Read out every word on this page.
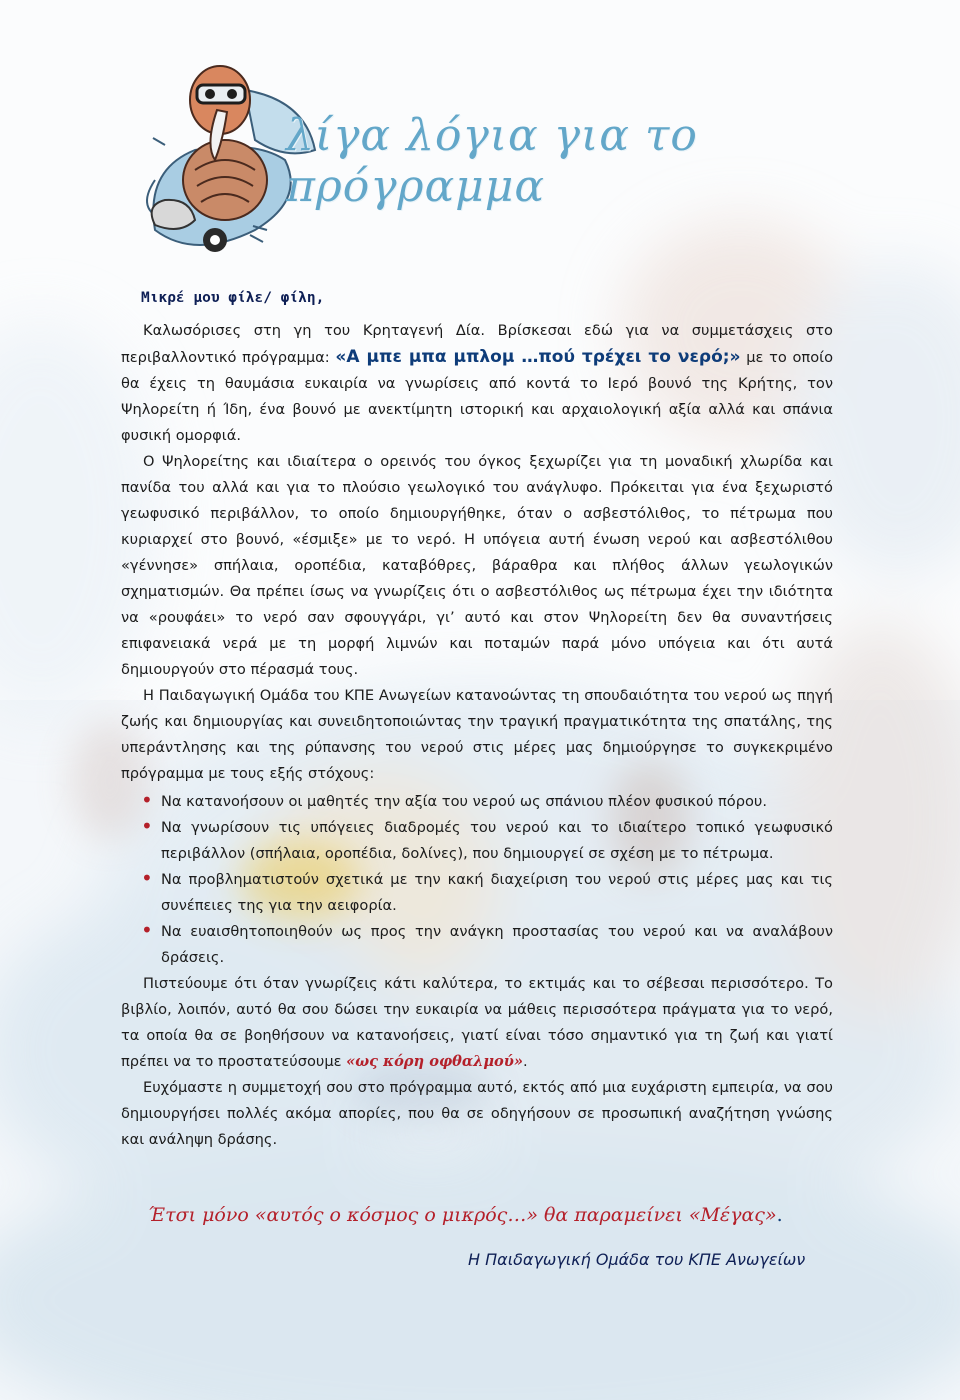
λίγα λόγια για το πρόγραμμα
Μικρέ μου φίλε/ φίλη,

Καλωσόρισες στη γη του Κρηταγενή Δία. Βρίσκεσαι εδώ για να συμμετάσχεις στο περιβαλλοντικό πρόγραμμα: «Α μπε μπα μπλομ …πού τρέχει το νερό;» με το οποίο θα έχεις τη θαυμάσια ευκαιρία να γνωρίσεις από κοντά το Ιερό βουνό της Κρήτης, τον Ψηλορείτη ή Ίδη, ένα βουνό με ανεκτίμητη ιστορική και αρχαιολογική αξία αλλά και σπάνια φυσική ομορφιά.

Ο Ψηλορείτης και ιδιαίτερα ο ορεινός του όγκος ξεχωρίζει για τη μοναδική χλωρίδα και πανίδα του αλλά και για το πλούσιο γεωλογικό του ανάγλυφο. Πρόκειται για ένα ξεχωριστό γεωφυσικό περιβάλλον, το οποίο δημιουργήθηκε, όταν ο ασβεστόλιθος, το πέτρωμα που κυριαρχεί στο βουνό, «έσμιξε» με το νερό. Η υπόγεια αυτή ένωση νερού και ασβεστόλιθου «γέννησε» σπήλαια, οροπέδια, καταβόθρες, βάραθρα και πλήθος άλλων γεωλογικών σχηματισμών. Θα πρέπει ίσως να γνωρίζεις ότι ο ασβεστόλιθος ως πέτρωμα έχει την ιδιότητα να «ρουφάει» το νερό σαν σφουγγάρι, γι’ αυτό και στον Ψηλορείτη δεν θα συναντήσεις επιφανειακά νερά με τη μορφή λιμνών και ποταμών παρά μόνο υπόγεια και ότι αυτά δημιουργούν στο πέρασμά τους.

Η Παιδαγωγική Ομάδα του ΚΠΕ Ανωγείων κατανοώντας τη σπουδαιότητα του νερού ως πηγή ζωής και δημιουργίας και συνειδητοποιώντας την τραγική πραγματικότητα της σπατάλης, της υπεράντλησης και της ρύπανσης του νερού στις μέρες μας δημιούργησε το συγκεκριμένο πρόγραμμα με τους εξής στόχους:

• Να κατανοήσουν οι μαθητές την αξία του νερού ως σπάνιου πλέον φυσικού πόρου.
• Να γνωρίσουν τις υπόγειες διαδρομές του νερού και το ιδιαίτερο τοπικό γεωφυσικό περιβάλλον (σπήλαια, οροπέδια, δολίνες), που δημιουργεί σε σχέση με το πέτρωμα.
• Να προβληματιστούν σχετικά με την κακή διαχείριση του νερού στις μέρες μας και τις συνέπειες της για την αειφορία.
• Να ευαισθητοποιηθούν ως προς την ανάγκη προστασίας του νερού και να αναλάβουν δράσεις.

Πιστεύουμε ότι όταν γνωρίζεις κάτι καλύτερα, το εκτιμάς και το σέβεσαι περισσότερο. Το βιβλίο, λοιπόν, αυτό θα σου δώσει την ευκαιρία να μάθεις περισσότερα πράγματα για το νερό, τα οποία θα σε βοηθήσουν να κατανοήσεις, γιατί είναι τόσο σημαντικό για τη ζωή και γιατί πρέπει να το προστατεύσουμε «ως κόρη οφθαλμού».

Ευχόμαστε η συμμετοχή σου στο πρόγραμμα αυτό, εκτός από μια ευχάριστη εμπειρία, να σου δημιουργήσει πολλές ακόμα απορίες, που θα σε οδηγήσουν σε προσωπική αναζήτηση γνώσης και ανάληψη δράσης.

Έτσι μόνο «αυτός ο κόσμος ο μικρός…» θα παραμείνει «Μέγας».
Η Παιδαγωγική Ομάδα του ΚΠΕ Ανωγείων
